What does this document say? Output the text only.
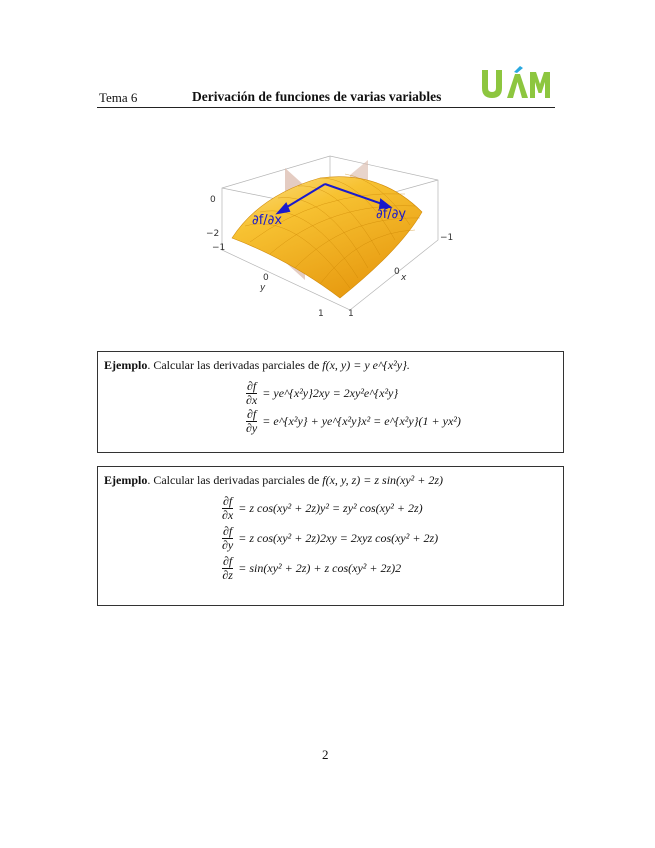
Tema 6	Derivación de funciones de varias variables
∂f/∂x	∂f/∂y
0
−2
−1
0
y
1
−1
0
x
1
Ejemplo. Calcular las derivadas parciales de f(x, y) = y e^{x²y}.
$\frac{\partial f}{\partial x}$ = ye^{x²y}2xy = 2xy²e^{x²y}
$\frac{\partial f}{\partial y}$ = e^{x²y} + ye^{x²y}x² = e^{x²y}(1 + yx²)
Ejemplo. Calcular las derivadas parciales de f(x, y, z) = z sin(xy² + 2z)
$\frac{\partial f}{\partial x} = z$ cos(xy² + 2z)y² = zy² cos(xy² + 2z)
$\frac{\partial f}{\partial y} = z$ cos(xy² + 2z)2xy = 2xyz cos(xy² + 2z)
$\frac{\partial f}{\partial z} = \sin(xy^2 + 2z) + z$ cos(xy² + 2z)2
2
